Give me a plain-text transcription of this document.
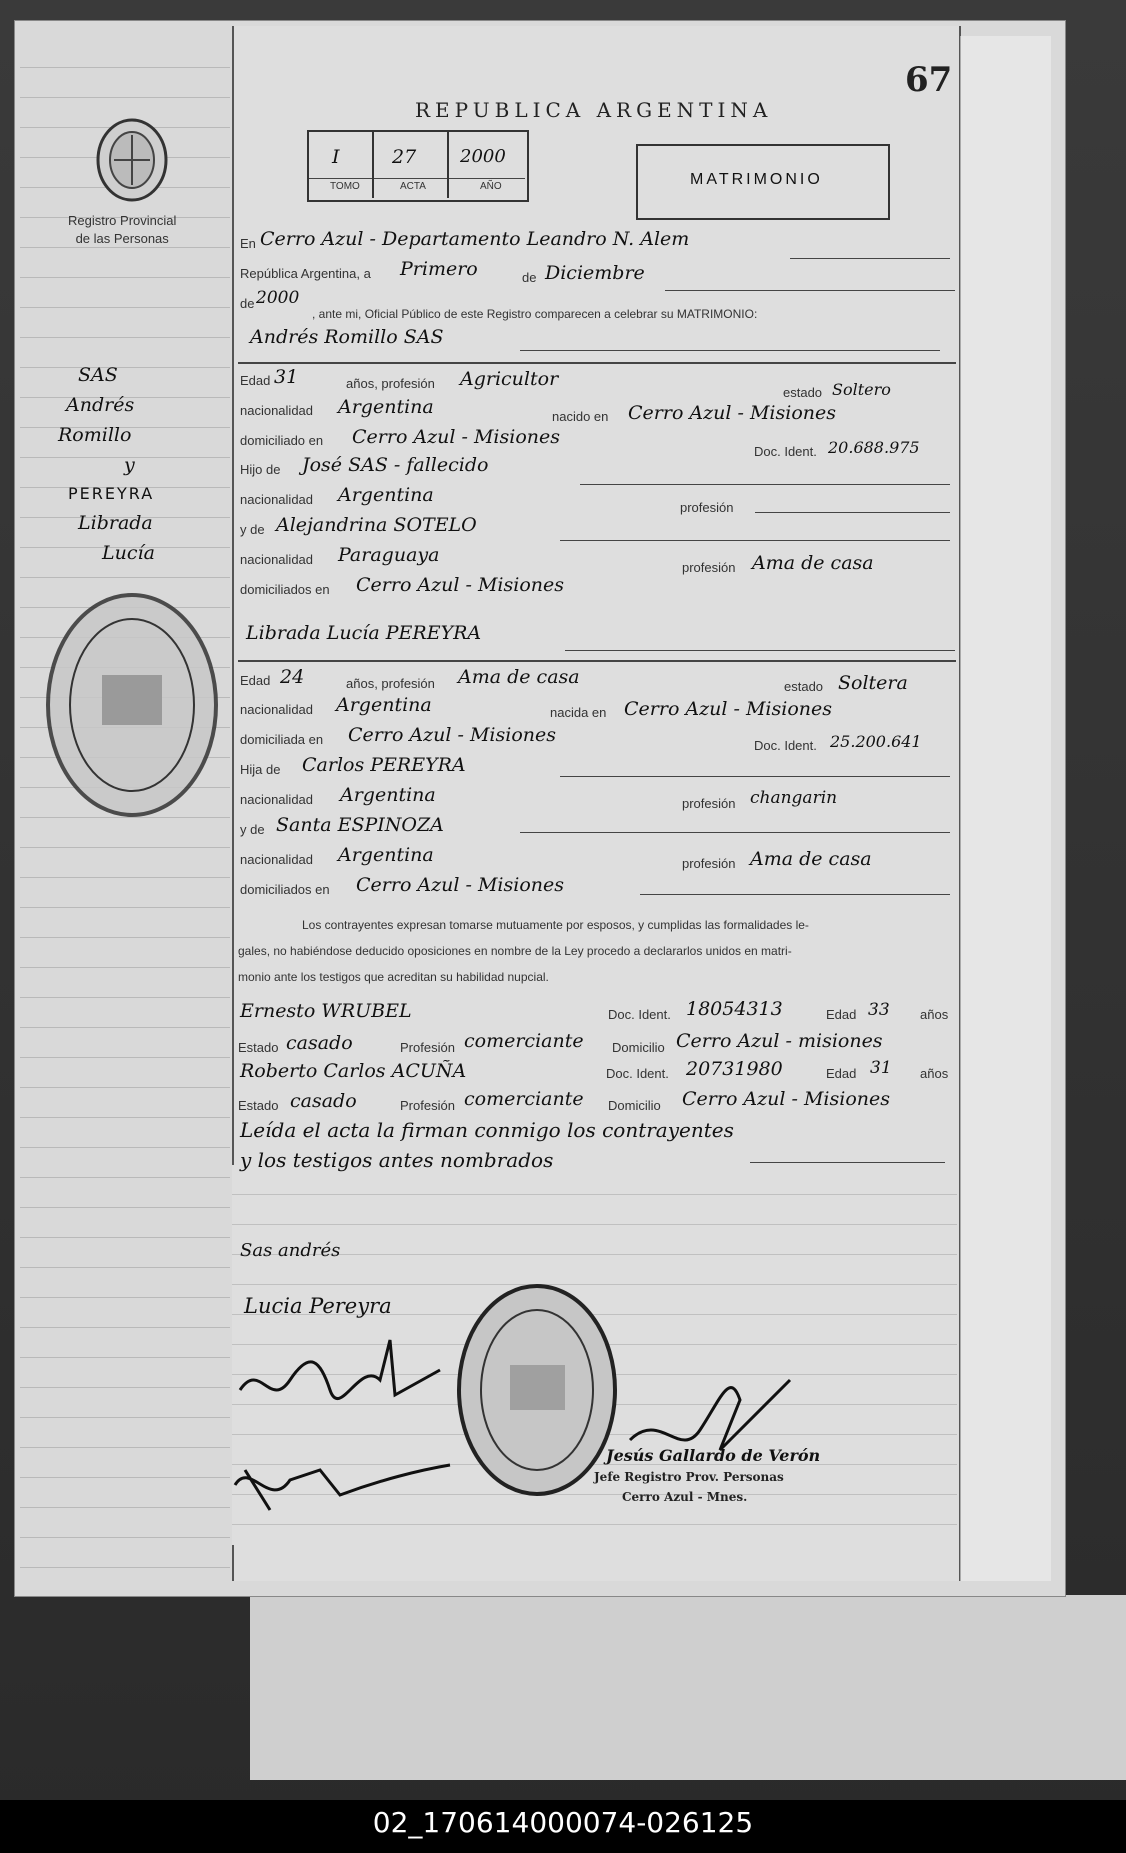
67
REPUBLICA ARGENTINA
Registro Provincial
de las Personas
I	27 2000
TOMO	ACTA	AÑO	MATRIMONIO
SAS
Andrés
Romillo
y
PEREYRA
Librada
Lucía
En Cerro Azul - Departamento Leandro N. Alem
República Argentina, a Primero	de Diciembre
de 2000
, ante mi, Oficial Público de este Registro comparecen a celebrar su MATRIMONIO:
Andrés Romillo SAS
Edad 31	años, profesión Agricultor
estado Soltero
nacionalidad Argentina	nacido en Cerro Azul - Misiones
domiciliado en Cerro Azul - Misiones
Doc. Ident. 20.688.975
Hijo de José SAS - fallecido
nacionalidad Argentina
profesión
y de Alejandrina SOTELO
nacionalidad Paraguaya
profesión Ama de casa
domiciliados en Cerro Azul - Misiones
Librada Lucía PEREYRA
Edad 24	años, profesión Ama de casa	estado Soltera
nacionalidad Argentina	nacida en Cerro Azul - Misiones
domiciliada en Cerro Azul - Misiones	Doc. Ident. 25.200.641
Hija de Carlos PEREYRA
nacionalidad Argentina	profesión changarin
y de Santa ESPINOZA
nacionalidad Argentina	profesión Ama de casa
domiciliados en Cerro Azul - Misiones
Los contrayentes expresan tomarse mutuamente por esposos, y cumplidas las formalidades le-
gales, no habiéndose deducido oposiciones en nombre de la Ley procedo a declararlos unidos en matri-
monio ante los testigos que acreditan su habilidad nupcial.
Ernesto WRUBEL	Doc. Ident. 18054313	Edad 33 años
Estado casado	Profesión comerciante Domicilio Cerro Azul - misiones
Roberto Carlos ACUÑA	Doc. Ident. 20731980	Edad 31 años
Estado casado	Profesión comerciante Domicilio Cerro Azul - Misiones
Leída el acta la firman conmigo los contrayentes
y los testigos antes nombrados
Sas andrés
Lucia Pereyra
Jesús Gallardo de Verón
Jefe Registro Prov. Personas
Cerro Azul - Mnes.
02_170614000074-026125
